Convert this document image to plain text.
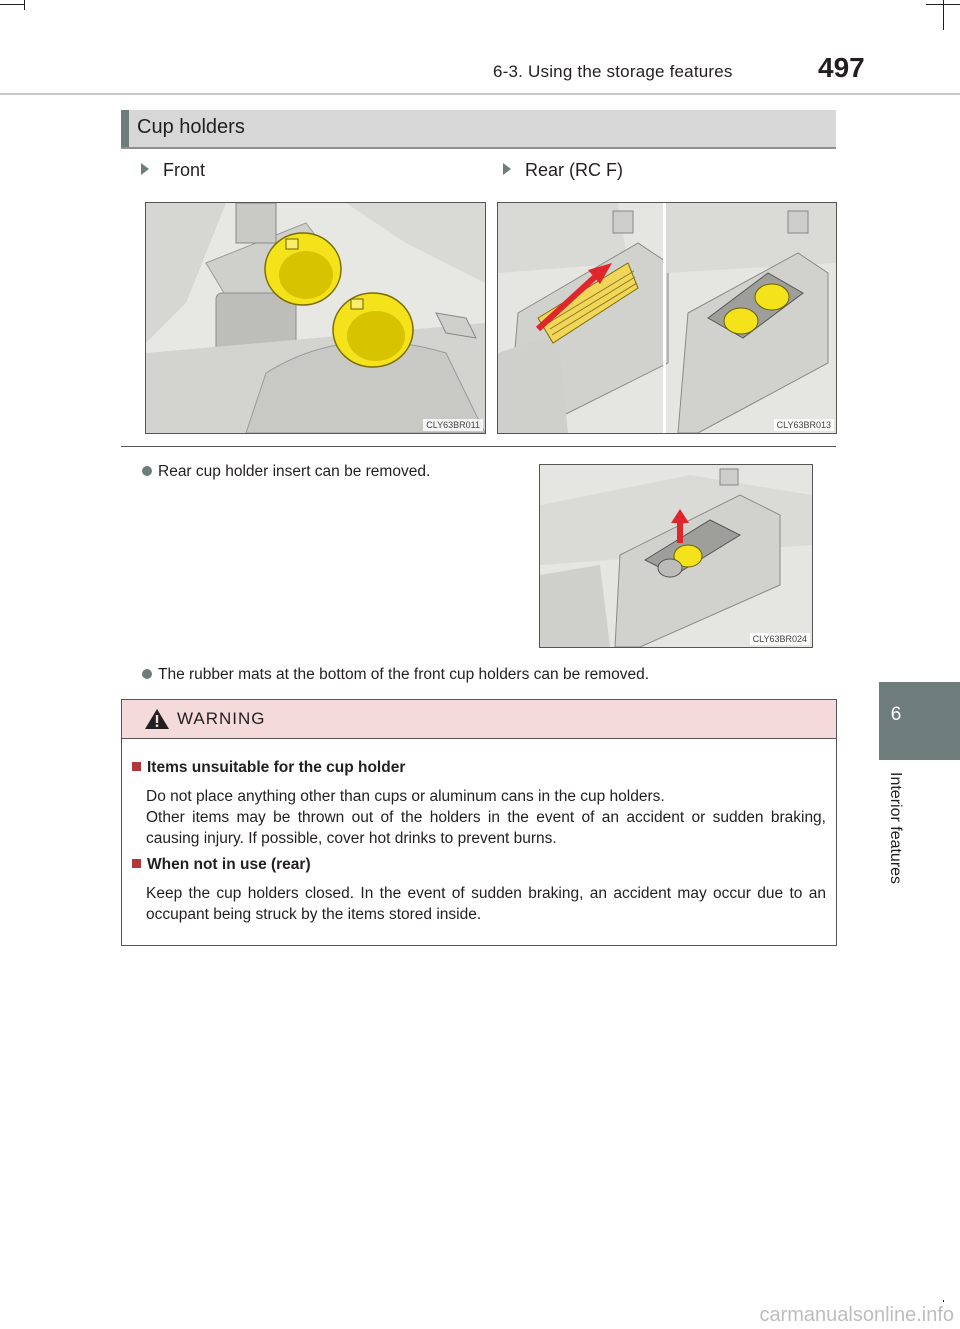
6-3. Using the storage features	497
6
Interior features
Cup holders
Front	Rear (RC F)
CLY63BR011	CLY63BR013
Rear cup holder insert can be removed.
CLY63BR024
The rubber mats at the bottom of the front cup holders can be removed.
WARNING
Items unsuitable for the cup holder
Do not place anything other than cups or aluminum cans in the cup holders.
Other items may be thrown out of the holders in the event of an accident or sudden braking, causing injury. If possible, cover hot drinks to prevent burns.
When not in use (rear)
Keep the cup holders closed. In the event of sudden braking, an accident may occur due to an occupant being struck by the items stored inside.
carmanualsonline.info
